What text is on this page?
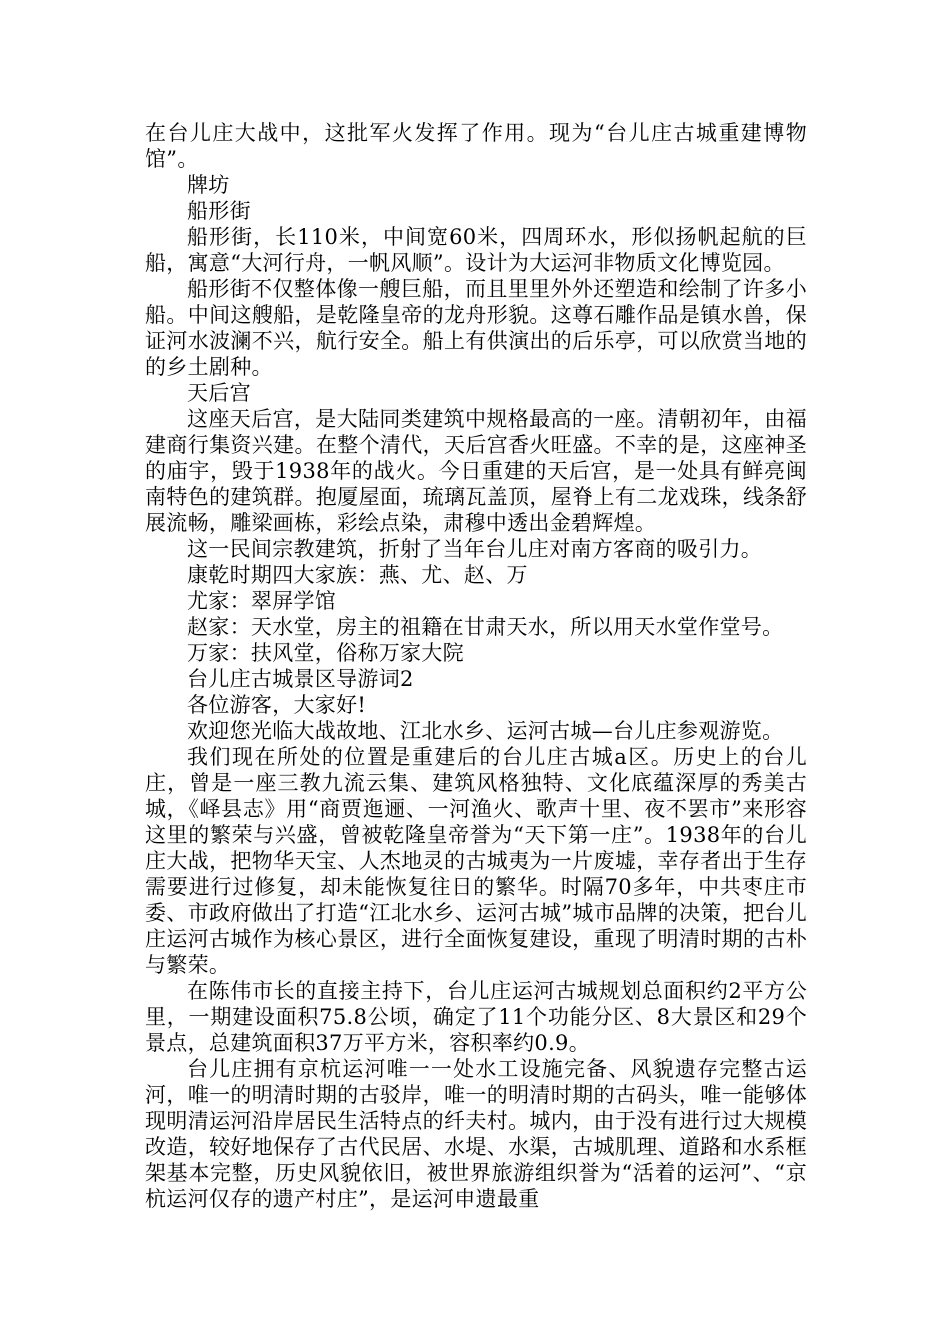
在台儿庄大战中，这批军火发挥了作用。现为“台儿庄古城重建博物馆”。

牌坊

船形街

船形街，长110米，中间宽60米，四周环水，形似扬帆起航的巨船，寓意“大河行舟，一帆风顺”。设计为大运河非物质文化博览园。

船形街不仅整体像一艘巨船，而且里里外外还塑造和绘制了许多小船。中间这艘船，是乾隆皇帝的龙舟形貌。这尊石雕作品是镇水兽，保证河水波澜不兴，航行安全。船上有供演出的后乐亭，可以欣赏当地的的乡土剧种。

天后宫

这座天后宫，是大陆同类建筑中规格最高的一座。清朝初年，由福建商行集资兴建。在整个清代，天后宫香火旺盛。不幸的是，这座神圣的庙宇，毁于1938年的战火。今日重建的天后宫，是一处具有鲜亮闽南特色的建筑群。抱厦屋面，琉璃瓦盖顶，屋脊上有二龙戏珠，线条舒展流畅，雕梁画栋，彩绘点染，肃穆中透出金碧辉煌。

这一民间宗教建筑，折射了当年台儿庄对南方客商的吸引力。

康乾时期四大家族：燕、尤、赵、万

尤家：翠屏学馆

赵家：天水堂，房主的祖籍在甘肃天水，所以用天水堂作堂号。

万家：扶风堂，俗称万家大院

台儿庄古城景区导游词2

各位游客，大家好!

欢迎您光临大战故地、江北水乡、运河古城—台儿庄参观游览。

我们现在所处的位置是重建后的台儿庄古城a区。历史上的台儿庄，曾是一座三教九流云集、建筑风格独特、文化底蕴深厚的秀美古城，《峄县志》用“商贾迤逦、一河渔火、歌声十里、夜不罢市”来形容这里的繁荣与兴盛，曾被乾隆皇帝誉为“天下第一庄”。1938年的台儿庄大战，把物华天宝、人杰地灵的古城夷为一片废墟，幸存者出于生存需要进行过修复，却未能恢复往日的繁华。时隔70多年，中共枣庄市委、市政府做出了打造“江北水乡、运河古城”城市品牌的决策，把台儿庄运河古城作为核心景区，进行全面恢复建设，重现了明清时期的古朴与繁荣。

在陈伟市长的直接主持下，台儿庄运河古城规划总面积约2平方公里，一期建设面积75.8公顷，确定了11个功能分区、8大景区和29个景点，总建筑面积37万平方米，容积率约0.9。

台儿庄拥有京杭运河唯一一处水工设施完备、风貌遗存完整古运河，唯一的明清时期的古驳岸，唯一的明清时期的古码头，唯一能够体现明清运河沿岸居民生活特点的纤夫村。城内，由于没有进行过大规模改造，较好地保存了古代民居、水堤、水渠，古城肌理、道路和水系框架基本完整，历史风貌依旧，被世界旅游组织誉为“活着的运河”、“京杭运河仅存的遗产村庄”，是运河申遗最重
